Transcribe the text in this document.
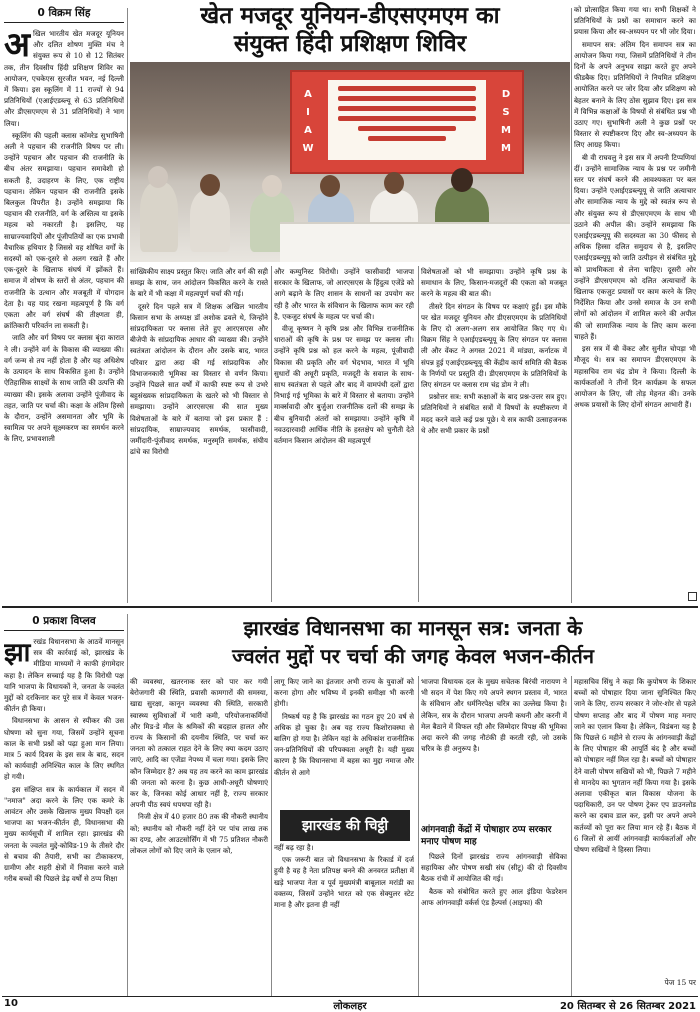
0 विक्रम सिंह	खेत मजदूर यूनियन-डीएसएमएम का
संयुक्त हिंदी प्रशिक्षण शिविर
D
S
M
M
A
I
A
W
अ खिल भारतीय खेत मजदूर यूनियन और दलित शोषण मुक्ति मंच ने संयुक्त रूप से 10 से 12 सितंबर तक, तीन दिवसीय हिंदी प्रशिक्षण शिविर का आयोजन, एचकेएस सुरजीत भवन, नई दिल्ली में किया। इस स्कूलिंग में 11 राज्यों से 94 प्रतिनिधियों (एआईएडब्ल्यू से 63 प्रतिनिधियों और डीएसएमएम से 31 प्रतिनिधियों) ने भाग लिया।

स्कूलिंग की पहली क्लास कॉमरेड सुभाषिनी अली ने पहचान की राजनीति विषय पर ली। उन्होंने पहचान और पहचान की राजनीति के बीच अंतर समझाया। पहचान समावेशी हो सकती है, उदाहरण के लिए, एक राष्ट्रीय पहचान। लेकिन पहचान की राजनीति इसके बिलकुल विपरीत है। उन्होंने समझाया कि पहचान की राजनीति, वर्ग के अस्तित्व या इसके महत्व को नकारती है। इसलिए, यह साम्राज्यवादियों और पूंजीपतियों का एक प्रभावी वैचारिक हथियार है जिससे वह शोषित वर्गों के सदस्यों को एक-दूसरे से अलग रखते हैं और एक-दूसरे के खिलाफ संघर्ष में झोंकते हैं। समाज में शोषण के स्तरों से अंतर, पहचान की राजनीति के उत्थान और मजबूती में योगदान देता है। यह याद रखना महत्वपूर्ण है कि वर्ग एकता और वर्ग संघर्ष की तीक्ष्णता ही, क्रांतिकारी परिवर्तन ला सकती है।

जाति और वर्ग विषय पर क्लास बृंदा कारात ने ली। उन्होंने वर्ग के विकास की व्याख्या की। वर्ग जन्म से तय नहीं होता है और यह अधिशेष के उत्पादन के साथ विकसित हुआ है। उन्होंने ऐतिहासिक साक्ष्यों के साथ जाति की उत्पत्ति की व्याख्या की। इसके अलावा उन्होंने पूंजीवाद के तहत, जाति पर चर्चा की। कक्षा के अंतिम हिस्से के दौरान, उन्होंने असमानता और भूमि के स्वामित्व पर अपने सूक्ष्मकरण का समर्थन करने के लिए, प्रभावशाली

सांख्यिकीय साक्ष्य प्रस्तुत किए। जाति और वर्ग की सही समझ के साथ, जन आंदोलन विकसित करने के रास्ते के बारे में भी कक्षा में महत्वपूर्ण चर्चा की गई।

दूसरे दिन पहले सत्र में शिक्षक अखिल भारतीय किसान सभा के अध्यक्ष डॉ अशोक ढवले थे, जिन्होंने सांप्रदायिकता पर क्लास लेते हुए आरएसएस और बीजेपी के सांप्रदायिक आधार की व्याख्या की। उन्होंने स्वतंत्रता आंदोलन के दौरान और उसके बाद, भारत परिवार द्वारा अदा की गई सांप्रदायिक और विभाजनकारी भूमिका का विस्तार से वर्णन किया। उन्होंने पिछले सात वर्षों में काफी स्पष्ट रूप से उभरे बहुसंख्यक सांप्रदायिकता के खतरे को भी विस्तार से समझाया। उन्होंने आरएसएस की सात मुख्य विशेषताओं के बारे में बताया जो इस प्रकार हैं : सांप्रदायिक, साम्राज्यवाद समर्थक, फासीवादी, जमींदारी-पूंजीवाद समर्थक, मनुस्मृति समर्थक, संघीय ढांचे का विरोधी

और कम्युनिस्ट विरोधी। उन्होंने फासीवादी भाजपा सरकार के खिलाफ, जो आरएसएस के हिंदुत्व एजेंडे को आगे बढ़ाने के लिए शासन के साधनों का उपयोग कर रही है और भारत के संविधान के खिलाफ काम कर रही है, एकजुट संघर्ष के महत्व पर चर्चा की।

वीजू कृष्णन ने कृषि प्रश्न और विभिन्न राजनीतिक धाराओं की कृषि के प्रश्न पर समझ पर क्लास ली। उन्होंने कृषि प्रश्न को हल करने के महत्व, पूंजीवादी विकास की प्रकृति और वर्ग भेदभाव, भारत में भूमि सुधारों की अधूरी प्रकृति, मजदूरी के सवाल के साथ-साथ स्वतंत्रता से पहले और बाद में वामपंथी दलों द्वारा निभाई गई भूमिका के बारे में विस्तार से बताया। उन्होंने मार्क्सवादी और बुर्जुआ राजनीतिक दलों की समझ के बीच बुनियादी अंतरों को समझाया। उन्होंने कृषि में नवउदारवादी आर्थिक नीति के हस्तक्षेप को चुनौती देते वर्तमान किसान आंदोलन की महत्वपूर्ण

विशेषताओं को भी समझाया। उन्होंने कृषि प्रश्न के समाधान के लिए, किसान-मजदूरों की एकता को मजबूत करने के महत्व की बात की।

तीसरे दिन संगठन के विषय पर कक्षाएं हुईं। इस मौके पर खेत मजदूर यूनियन और डीएसएमएम के प्रतिनिधियों के लिए दो अलग-अलग सत्र आयोजित किए गए थे। विक्रम सिंह ने एआईएडब्ल्यूयू के लिए संगठन पर क्लास ली और वेंकट ने अगस्त 2021 में मांड्या, कर्नाटक में संपन्न हुई एआईएडब्ल्यूयू की केंद्रीय कार्य समिति की बैठक के निर्णयों पर प्रस्तुति दी। डीएसएमएम के प्रतिनिधियों के लिए संगठन पर क्लास राम चंद्र डोम ने ली।

प्रश्नोत्तर सत्र: सभी कक्षाओं के बाद प्रश्न-उत्तर सत्र हुए। प्रतिनिधियों ने संबंधित सत्रों में विषयों के स्पष्टीकरण में मदद करने वाले कई प्रश्न पूछे। ये सत्र काफी उत्साहजनक थे और सभी प्रकार के प्रश्नों

को प्रोत्साहित किया गया था। सभी शिक्षकों ने प्रतिनिधियों के प्रश्नों का समाधान करने का प्रयास किया और स्व-अध्ययन पर भी जोर दिया।

समापन सत्र: अंतिम दिन समापन सत्र का आयोजन किया गया, जिसमें प्रतिनिधियों ने तीन दिनों के अपने अनुभव साझा करते हुए अपने फीडबैक दिए। प्रतिनिधियों ने नियमित प्रशिक्षण आयोजित करने पर जोर दिया और प्रशिक्षण को बेहतर बनाने के लिए ठोस सुझाव दिए। इस सत्र में विभिन्न कक्षाओं के विषयों से संबंधित प्रश्न भी उठाए गए। सुभाषिनी अली ने कुछ प्रश्नों पर विस्तार से स्पष्टीकरण दिए और स्व-अध्ययन के लिए आग्रह किया।

बी वी राघवलु ने इस सत्र में अपनी टिप्पणियां दीं। उन्होंने सामाजिक न्याय के प्रश्न पर जमीनी स्तर पर संघर्ष करने की आवश्यकता पर बल दिया। उन्होंने एआईएडब्ल्यूयू से जाति अत्याचार और सामाजिक न्याय के मुद्दे को स्वतंत्र रूप से और संयुक्त रूप से डीएसएमएम के साथ भी उठाने की अपील की। उन्होंने समझाया कि एआईएडब्ल्यूयू की सदस्यता का 30 फीसद से अधिक हिस्सा दलित समुदाय से है, इसलिए एआईएडब्ल्यूयू को जाति उत्पीड़न से संबंधित मुद्दे को प्राथमिकता से लेना चाहिए। दूसरी ओर उन्होंने डीएसएमएम को दलित अत्याचारों के खिलाफ एकजुट प्रयासों पर काम करने के लिए निर्देशित किया और उनसे समाज के उन सभी लोगों को आंदोलन में शामिल करने की अपील की जो सामाजिक न्याय के लिए काम करना चाहते हैं।

इस सत्र में बी वेंकट और सुनीत चोपड़ा भी मौजूद थे। सत्र का समापन डीएसएमएम के महासचिव राम चंद्र डोम ने किया। दिल्ली के कार्यकर्ताओं ने तीनों दिन कार्यक्रम के सफल आयोजन के लिए, जी तोड़ मेहनत की। उनके अथक प्रयासों के लिए दोनों संगठन आभारी हैं।

0 प्रकाश विप्लव	झारखंड विधानसभा का मानसून सत्र: जनता के
ज्वलंत मुद्दों पर चर्चा की जगह केवल भजन-कीर्तन
झा रखंड विधानसभा के आठवें मानसून सत्र की कार्रवाई को, झारखंड के मीडिया माध्यमों ने काफी हंगामेदार कहा है। लेकिन सच्चाई यह है कि विरोधी पक्ष यानि भाजपा के विधायकों ने, जनता के ज्वलंत मुद्दों को दरकिनार कर पूरे सत्र में केवल भजन-कीर्तन ही किया।

विधानसभा के आसन से स्पीकर की उस घोषणा को सुना गया, जिसमें उन्होंने सूचना काल के सभी प्रश्नों को पढ़ा हुआ मान लिया। मात्र 5 कार्य दिवस के इस सत्र के बाद, सदन को कार्यवाही अनिश्चित काल के लिए स्थगित हो गयी।

इस संक्षिप्त सत्र के कार्यकाल में सदन में "नमाज" अदा करने के लिए एक कमरे के आवंटन और उसके खिलाफ मुख्य विपक्षी दल भाजपा का भजन-कीर्तन ही, विधानसभा की मुख्य कार्यसूची में शामिल रहा। झारखंड की जनता के ज्वलंत मुद्दे-कोविड-19 के तीसरे दौर से बचाव की तैयारी, सभी का टीकाकरण, ग्रामीण और शहरी क्षेत्रों में निवास करने वाले गरीब बच्चों की पिछले डेढ़ वर्षों से ठप्प शिक्षा

की व्यवस्था, खतरनाक स्तर को पार कर गयी बेरोजगारी की स्थिति, प्रवासी कामगारों की समस्या, खाद्य सुरक्षा, कानून व्यवस्था की स्थिति, सरकारी स्वास्थ्य सुविधाओं में भारी कमी, परियोजनाकर्मियों और मिड-डे मील के श्रमिकों की बदहाल हालत और राज्य के किसानों की दयनीय स्थिति, पर चर्चा कर जनता को तत्काल राहत देने के लिए क्या कदम उठाए जाएं, आदि का एजेंडा नेपथ्य में चला गया। इसके लिए कौन जिम्मेदार है? अब यह तय करने का काम झारखंड की जनता को करना है। कुछ आधी-अधूरी घोषणाएं कर के, जिनका कोई आधार नहीं है, राज्य सरकार अपनी पीठ स्वयं थपथपा रही है।

निजी क्षेत्र में 40 हजार 80 तक की नौकरी स्थानीय को; स्थानीय को नौकरी नहीं देने पर पांच लाख तक का दण्ड, और आउटसोर्सिंग में भी 75 प्रतिशत नौकरी लोकल लोगों को दिए जाने के एलान को,

लागू किए जाने का इंतजार अभी राज्य के युवाओं को करना होगा और भविष्य में इनकी समीक्षा भी करनी होगी।

निष्कर्ष यह है कि झारखंड का गठन हुए 20 वर्ष से अधिक हो चुका है। अब यह राज्य किशोरावस्था से बालिग हो गया है। लेकिन यहां के अधिकांश राजनीतिक जन-प्रतिनिधियों की परिपक्वता अधूरी है। यही मुख्य कारण है कि विधानसभा में बहस का मुद्दा नमाज और कीर्तन से आगे

भाजपा विधायक दल के मुख्य सचेतक बिरंची नारायण ने भी सदन में पेश किए गये अपने स्थगन प्रस्ताव में, भारत के संविधान और धर्मनिरपेक्ष चरित्र का उल्लेख किया है। लेकिन, सत्र के दौरान भाजपा अपनी कथनी और करनी में मेल बैठाने में विफल रही और जिम्मेदार विपक्ष की भूमिका अदा करने की जगह नौटंकी ही करती रही, जो उसके चरित्र के ही अनुरूप है।

झारखंड की चिट्ठी

नहीं बढ़ रहा है।

एक जरूरी बात जो विधानसभा के रिकार्ड में दर्ज हुयी है वह है नेता प्रतिपक्ष बनने की अनवरत प्रतीक्षा में खड़े भाजपा नेता व पूर्व मुख्यमंत्री बाबूलाल मरांडी का वक्तव्य, जिसमें उन्होंने भारत को एक सेक्युलर स्टेट माना है और इतना ही नहीं

आंगनवाड़ी केंद्रों में पोषाहार ठप्प सरकार मनाए पोषण माह

पिछले दिनों झारखंड राज्य आंगनवाड़ी सेविका सहायिका और पोषण सखी संघ (सीटू) की दो दिवसीय बैठक रांची में आयोजित की गई।

बैठक को संबोधित करते हुए आल इंडिया फेडरेशन आफ आंगनवाड़ी वर्कर्स एंड हैल्पर्स (आइफा) की

महासचिव सिंधु ने कहा कि कुपोषण के शिकार बच्चों को पोषाहार दिया जाना सुनिश्चित किए जाने के लिए, राज्य सरकार ने जोर-शोर से पहले पोषण सप्ताह और बाद में पोषण माह मनाए जाने का एलान किया है। लेकिन, विडंबना यह है कि पिछले 6 महीने से राज्य के आंगनवाड़ी केंद्रों के लिए पोषाहार की आपूर्ति बंद है और बच्चों को पोषाहार नहीं मिल रहा है। बच्चों को पोषाहार देने वाली पोषण सखियों को भी, पिछले 7 महीने से मानदेय का भुगतान नहीं किया गया है। इसके अलावा एकीकृत बाल विकास योजना के पदाधिकारी, उन पर पोषण ट्रेकर एप डाउनलोड करने का दबाव डाल कर, इसी पर अपने अपने कर्तव्यों को पूरा कर लिया मान रहे हैं। बैठक में 6 जिलों से आयीं आंगनवाड़ी कार्यकर्ताओं और पोषण सखियों ने हिस्सा लिया।

पेज 15 पर
10	लोकलहर	20 सितम्बर से 26 सितम्बर 2021
